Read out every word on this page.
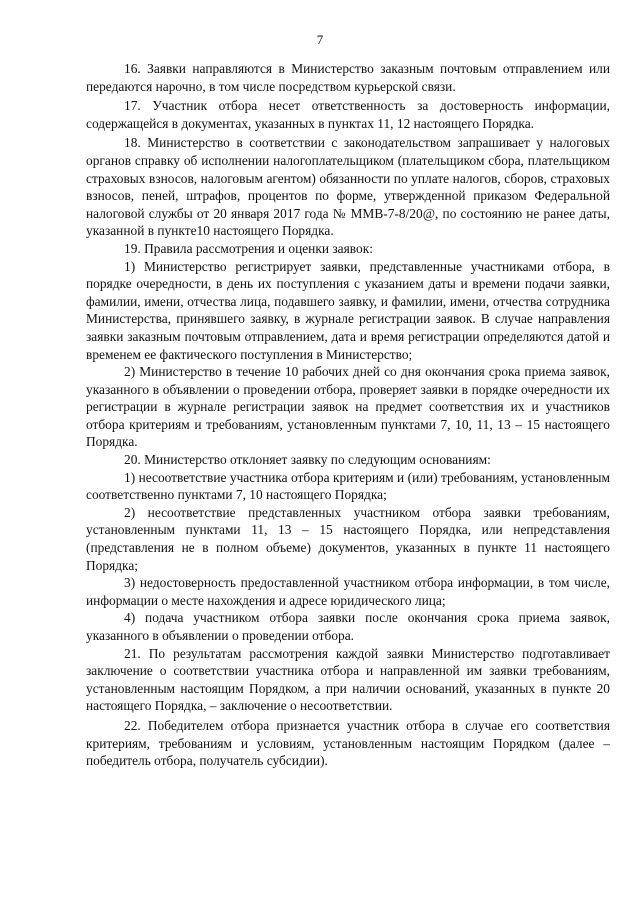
7

16. Заявки направляются в Министерство заказным почтовым отправлением или передаются нарочно, в том числе посредством курьерской связи.

17. Участник отбора несет ответственность за достоверность информации, содержащейся в документах, указанных в пунктах 11, 12 настоящего Порядка.

18. Министерство в соответствии с законодательством запрашивает у налоговых органов справку об исполнении налогоплательщиком (плательщиком сбора, плательщиком страховых взносов, налоговым агентом) обязанности по уплате налогов, сборов, страховых взносов, пеней, штрафов, процентов по форме, утвержденной приказом Федеральной налоговой службы от 20 января 2017 года № ММВ-7-8/20@, по состоянию не ранее даты, указанной в пункте10 настоящего Порядка.

19. Правила рассмотрения и оценки заявок:

1) Министерство регистрирует заявки, представленные участниками отбора, в порядке очередности, в день их поступления с указанием даты и времени подачи заявки, фамилии, имени, отчества лица, подавшего заявку, и фамилии, имени, отчества сотрудника Министерства, принявшего заявку, в журнале регистрации заявок. В случае направления заявки заказным почтовым отправлением, дата и время регистрации определяются датой и временем ее фактического поступления в Министерство;

2) Министерство в течение 10 рабочих дней со дня окончания срока приема заявок, указанного в объявлении о проведении отбора, проверяет заявки в порядке очередности их регистрации в журнале регистрации заявок на предмет соответствия их и участников отбора критериям и требованиям, установленным пунктами 7, 10, 11, 13 – 15 настоящего Порядка.

20. Министерство отклоняет заявку по следующим основаниям:

1) несоответствие участника отбора критериям и (или) требованиям, установленным соответственно пунктами 7, 10 настоящего Порядка;

2) несоответствие представленных участником отбора заявки требованиям, установленным пунктами 11, 13 – 15 настоящего Порядка, или непредставления (представления не в полном объеме) документов, указанных в пункте 11 настоящего Порядка;

3) недостоверность предоставленной участником отбора информации, в том числе, информации о месте нахождения и адресе юридического лица;

4) подача участником отбора заявки после окончания срока приема заявок, указанного в объявлении о проведении отбора.

21. По результатам рассмотрения каждой заявки Министерство подготавливает заключение о соответствии участника отбора и направленной им заявки требованиям, установленным настоящим Порядком, а при наличии оснований, указанных в пункте 20 настоящего Порядка, – заключение о несоответствии.

22. Победителем отбора признается участник отбора в случае его соответствия критериям, требованиям и условиям, установленным настоящим Порядком (далее – победитель отбора, получатель субсидии).
